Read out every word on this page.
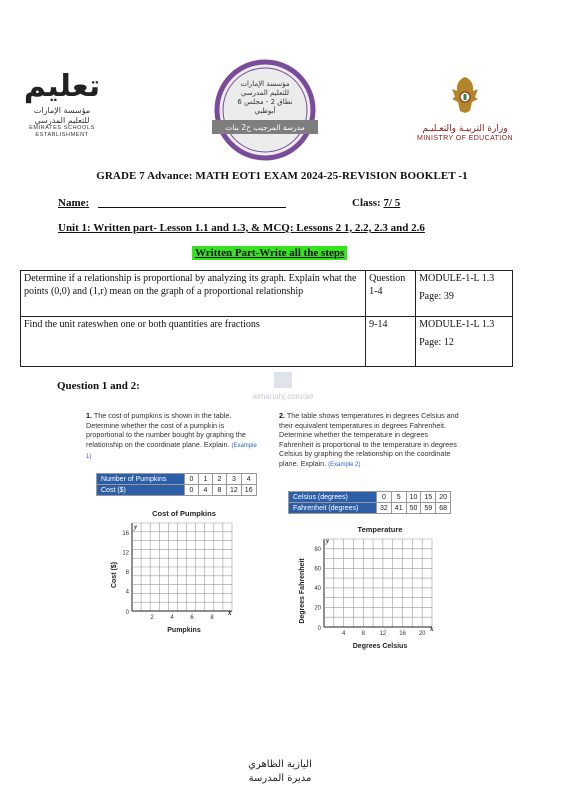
تعليم
مؤسسة الإمارات للتعليم المدرسي
EMIRATES SCHOOLS
ESTABLISHMENT
مؤسسة الإمارات
للتعليم المدرسي
نطاق 2 - مجلس 6
أبوظبي
مدرسة المرجيب ح2 بنات	وزارة التربيـة والتعـليـم
MINISTRY OF EDUCATION
GRADE 7 Advance: MATH EOT1 EXAM 2024-25-REVISION BOOKLET -1
Name:	Class: 7/ 5
Unit 1: Written part- Lesson 1.1 and 1.3, & MCQ: Lessons 2 1, 2.2, 2.3 and 2.6
Written Part-Write all the steps
Determine if a relationship is proportional by analyzing its graph. Explain what the points (0,0) and (1,r) mean on the graph of a proportional relationship	Question 1-4	MODULE-1-L 1.3
Page: 39

Find the unit rateswhen one or both quantities are fractions	9-14	MODULE-1-L 1.3
Page: 12
Question 1 and 2:
almanahj.com/ae
1. The cost of pumpkins is shown in the table. Determine whether the cost of a pumpkin is proportional to the number bought by graphing the relationship on the coordinate plane. Explain. (Example 1)
Number of Pumpkins	0	1	2	3	4
Cost ($)	0	4	8	12	16
2. The table shows temperatures in degrees Celsius and their equivalent temperatures in degrees Fahrenheit. Determine whether the temperature in degrees Fahrenheit is proportional to the temperature in degrees Celsius by graphing the relationship on the coordinate plane. Explain. (Example 2)
Celsius (degrees)	0	5	10	15	20
Fahrenheit (degrees)	32	41	50	59	68
Cost of Pumpkins
Cost ($)
Pumpkins
2	4	6	8
4
8
12
16
0
y
x
Temperature
Degrees Fahrenheit
Degrees Celsius
4	8 12 16 20
20
40
60
80
0
y
x
اليازية الظاهري
مديرة المدرسة
